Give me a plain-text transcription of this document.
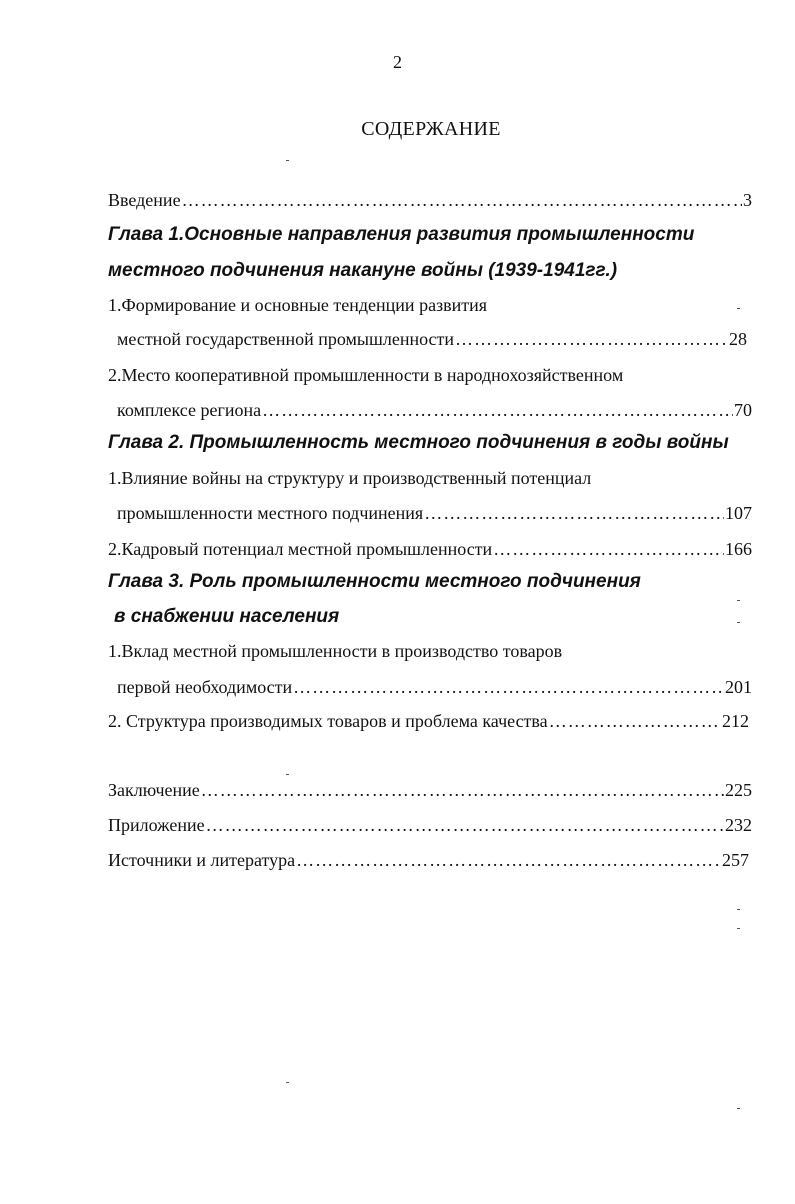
2
СОДЕРЖАНИЕ
Введение …………………………………………………………………………………………………………………………………………………………	3
Глава 1.Основные направления развития промышленности
местного подчинения накануне войны (1939-1941гг.)
1.Формирование и основные тенденции развития
местной государственной промышленности …………………………………………………………………………………………………………………………………………………………	28
2.Место кооперативной промышленности в народнохозяйственном
комплексе региона …………………………………………………………………………………………………………………………………………………………	70
Глава 2. Промышленность местного подчинения в годы войны
1.Влияние войны на структуру и производственный потенциал
промышленности местного подчинения …………………………………………………………………………………………………………………………………………………………	107
2.Кадровый потенциал местной промышленности …………………………………………………………………………………………………………………………………………………………	166
Глава 3. Роль промышленности местного подчинения
в снабжении населения
1.Вклад местной промышленности в производство товаров
первой необходимости …………………………………………………………………………………………………………………………………………………………	201
2. Структура производимых товаров и проблема качества …………………………………………………………………………………………………………………………………………………………	212
Заключение …………………………………………………………………………………………………………………………………………………………	225
Приложение …………………………………………………………………………………………………………………………………………………………	232
Источники и литература …………………………………………………………………………………………………………………………………………………………	257
